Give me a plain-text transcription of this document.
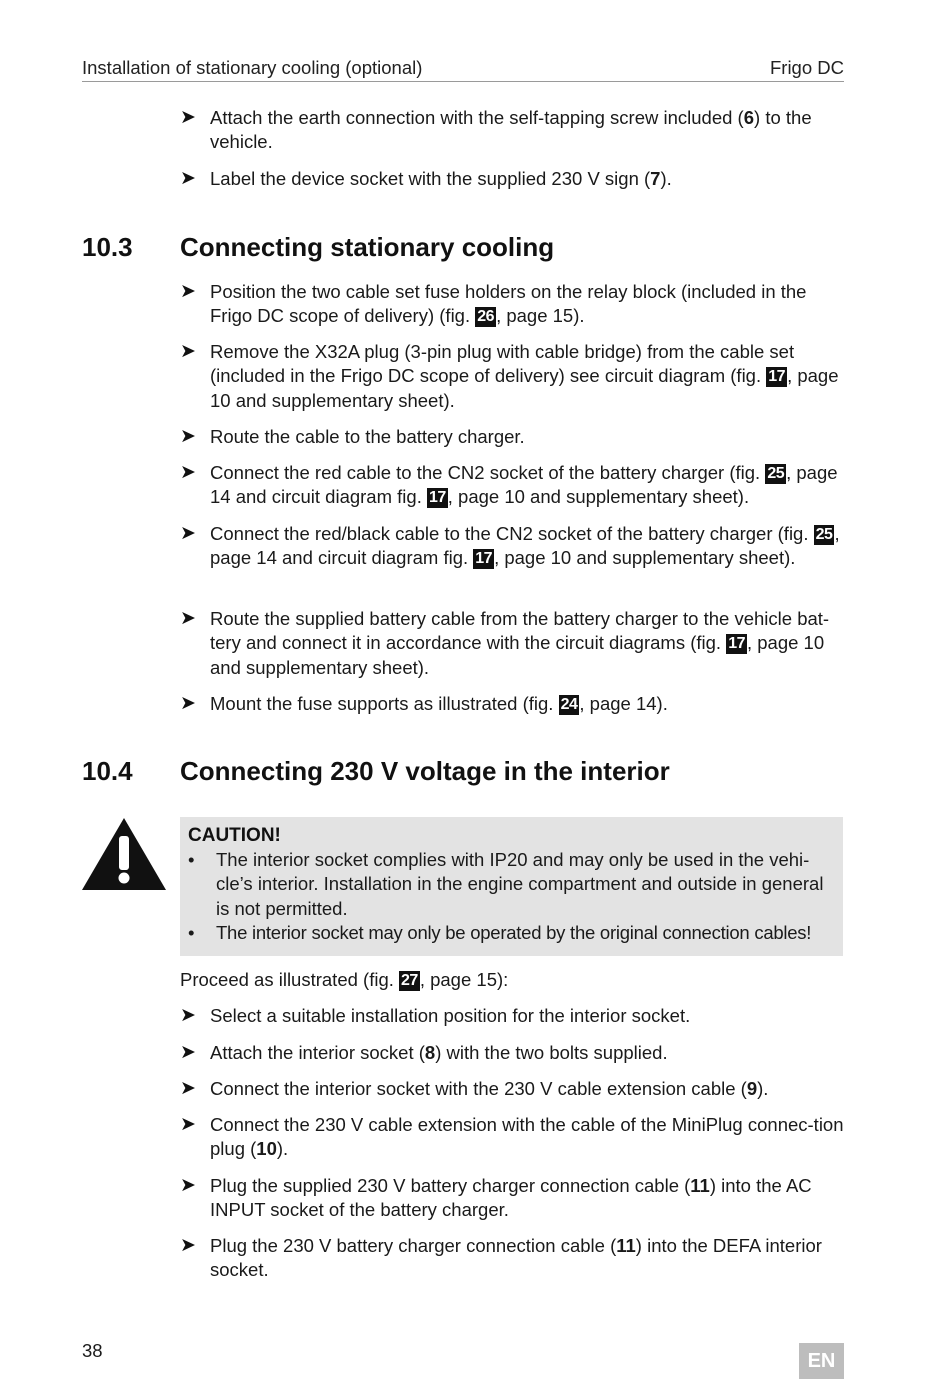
Installation of stationary cooling (optional)	Frigo DC
➤ Attach the earth connection with the self-tapping screw included (6) to the vehicle.
➤ Label the device socket with the supplied 230 V sign (7).
10.3 Connecting stationary cooling
➤ Position the two cable set fuse holders on the relay block (included in the Frigo DC scope of delivery) (fig. 26 , page 15).
➤ Remove the X32A plug (3-pin plug with cable bridge) from the cable set (included in the Frigo DC scope of delivery) see circuit diagram (fig. 17 , page 10 and supplementary sheet).
➤ Route the cable to the battery charger.
➤ Connect the red cable to the CN2 socket of the battery charger (fig. 25 , page 14 and circuit diagram fig. 17 , page 10 and supplementary sheet).
➤ Connect the red/black cable to the CN2 socket of the battery charger (fig. 25 , page 14 and circuit diagram fig. 17 , page 10 and supplementary sheet).
➤ Route the supplied battery cable from the battery charger to the vehicle bat-tery and connect it in accordance with the circuit diagrams (fig. 17 , page 10 and supplementary sheet).
➤ Mount the fuse supports as illustrated (fig. 24 , page 14).
10.4 Connecting 230 V voltage in the interior
CAUTION!
• The interior socket complies with IP20 and may only be used in the vehi-cle’s interior. Installation in the engine compartment and outside in general is not permitted.
• The interior socket may only be operated by the original connection cables!
Proceed as illustrated (fig. 27 , page 15):
➤ Select a suitable installation position for the interior socket.
➤ Attach the interior socket (8) with the two bolts supplied.
➤ Connect the interior socket with the 230 V cable extension cable (9).
➤ Connect the 230 V cable extension with the cable of the MiniPlug connec-tion plug (10).
➤ Plug the supplied 230 V battery charger connection cable (11) into the AC INPUT socket of the battery charger.
➤ Plug the 230 V battery charger connection cable (11) into the DEFA interior socket.
38	EN
